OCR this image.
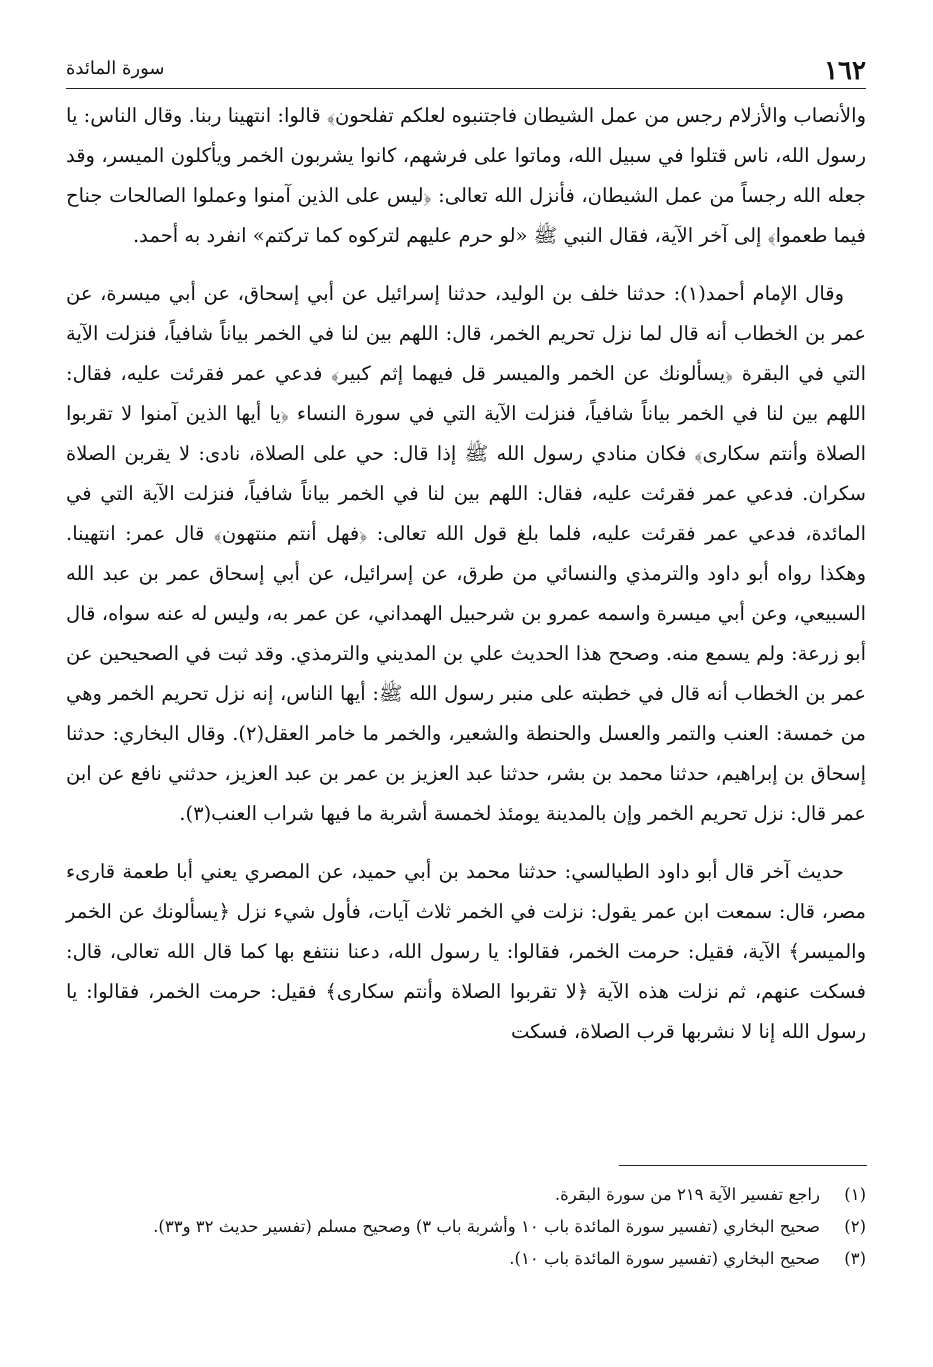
١٦٢
سورة المائدة

والأنصاب والأزلام رجس من عمل الشيطان فاجتنبوه لعلكم تفلحون﴾ قالوا: انتهينا ربنا. وقال الناس: يا رسول الله، ناس قتلوا في سبيل الله، وماتوا على فرشهم، كانوا يشربون الخمر ويأكلون الميسر، وقد جعله الله رجساً من عمل الشيطان، فأنزل الله تعالى: ﴿ليس على الذين آمنوا وعملوا الصالحات جناح فيما طعموا﴾ إلى آخر الآية، فقال النبي ﷺ «لو حرم عليهم لتركوه كما تركتم» انفرد به أحمد.

وقال الإمام أحمد(١): حدثنا خلف بن الوليد، حدثنا إسرائيل عن أبي إسحاق، عن أبي ميسرة، عن عمر بن الخطاب أنه قال لما نزل تحريم الخمر، قال: اللهم بين لنا في الخمر بياناً شافياً، فنزلت الآية التي في البقرة ﴿يسألونك عن الخمر والميسر قل فيهما إثم كبير﴾ فدعي عمر فقرئت عليه، فقال: اللهم بين لنا في الخمر بياناً شافياً، فنزلت الآية التي في سورة النساء ﴿يا أيها الذين آمنوا لا تقربوا الصلاة وأنتم سكارى﴾ فكان منادي رسول الله ﷺ إذا قال: حي على الصلاة، نادى: لا يقربن الصلاة سكران. فدعي عمر فقرئت عليه، فقال: اللهم بين لنا في الخمر بياناً شافياً، فنزلت الآية التي في المائدة، فدعي عمر فقرئت عليه، فلما بلغ قول الله تعالى: ﴿فهل أنتم منتهون﴾ قال عمر: انتهينا. وهكذا رواه أبو داود والترمذي والنسائي من طرق، عن إسرائيل، عن أبي إسحاق عمر بن عبد الله السبيعي، وعن أبي ميسرة واسمه عمرو بن شرحبيل الهمداني، عن عمر به، وليس له عنه سواه، قال أبو زرعة: ولم يسمع منه. وصحح هذا الحديث علي بن المديني والترمذي. وقد ثبت في الصحيحين عن عمر بن الخطاب أنه قال في خطبته على منبر رسول الله ﷺ: أيها الناس، إنه نزل تحريم الخمر وهي من خمسة: العنب والتمر والعسل والحنطة والشعير، والخمر ما خامر العقل(٢). وقال البخاري: حدثنا إسحاق بن إبراهيم، حدثنا محمد بن بشر، حدثنا عبد العزيز بن عمر بن عبد العزيز، حدثني نافع عن ابن عمر قال: نزل تحريم الخمر وإن بالمدينة يومئذ لخمسة أشربة ما فيها شراب العنب(٣).

حديث آخر قال أبو داود الطيالسي: حدثنا محمد بن أبي حميد، عن المصري يعني أبا طعمة قارىء مصر، قال: سمعت ابن عمر يقول: نزلت في الخمر ثلاث آيات، فأول شيء نزل ﴿يسألونك عن الخمر والميسر﴾ الآية، فقيل: حرمت الخمر، فقالوا: يا رسول الله، دعنا ننتفع بها كما قال الله تعالى، قال: فسكت عنهم، ثم نزلت هذه الآية ﴿لا تقربوا الصلاة وأنتم سكارى﴾ فقيل: حرمت الخمر، فقالوا: يا رسول الله إنا لا نشربها قرب الصلاة، فسكت

(١)
راجع تفسير الآية ٢١٩ من سورة البقرة.
(٢)
صحيح البخاري (تفسير سورة المائدة باب ١٠ وأشربة باب ٣) وصحيح مسلم (تفسير حديث ٣٢ و٣٣).
(٣)
صحيح البخاري (تفسير سورة المائدة باب ١٠).
